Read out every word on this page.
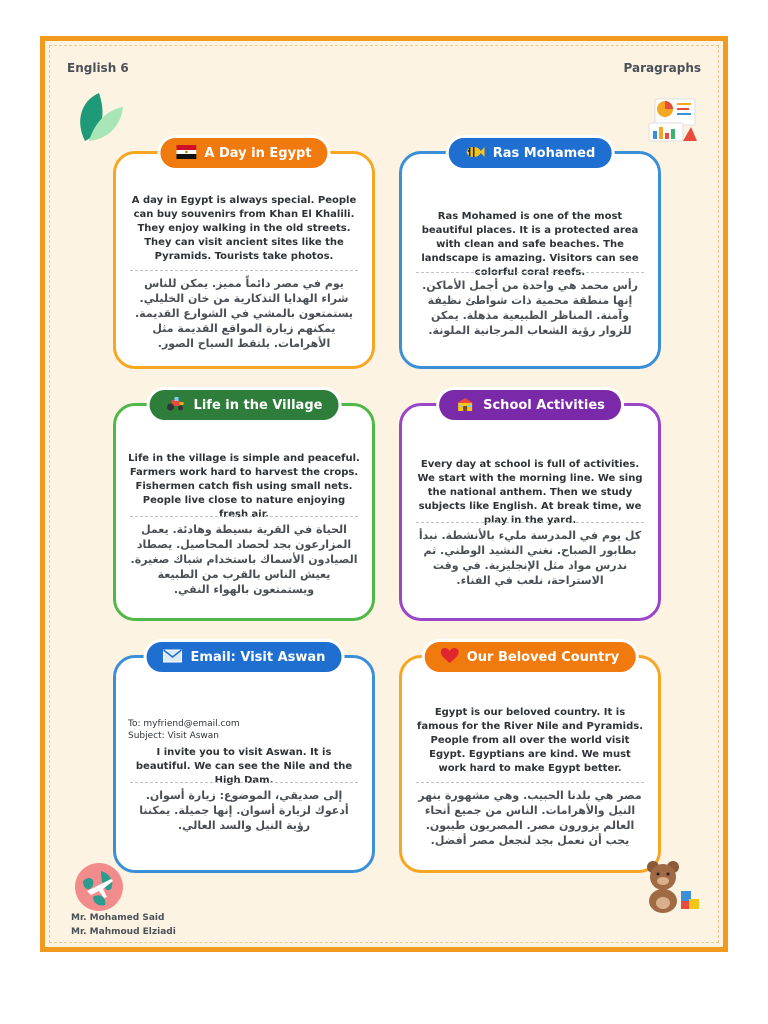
English 6	Paragraphs
A Day in Egypt
A day in Egypt is always special. People can buy souvenirs from Khan El Khalili. They enjoy walking in the old streets. They can visit ancient sites like the Pyramids. Tourists take photos.
يوم في مصر دائماً مميز. يمكن للناس شراء الهدايا التذكارية من خان الخليلي. يستمتعون بالمشي في الشوارع القديمة. يمكنهم زيارة المواقع القديمة مثل الأهرامات. يلتقط السياح الصور.
Ras Mohamed
Ras Mohamed is one of the most beautiful places. It is a protected area with clean and safe beaches. The landscape is amazing. Visitors can see colorful coral reefs.
رأس محمد هي واحدة من أجمل الأماكن. إنها منطقة محمية ذات شواطئ نظيفة وآمنة. المناظر الطبيعية مذهلة. يمكن للزوار رؤية الشعاب المرجانية الملونة.
Life in the Village
Life in the village is simple and peaceful. Farmers work hard to harvest the crops. Fishermen catch fish using small nets. People live close to nature enjoying fresh air.
الحياة في القرية بسيطة وهادئة. يعمل المزارعون بجد لحصاد المحاصيل. يصطاد الصيادون الأسماك باستخدام شباك صغيرة. يعيش الناس بالقرب من الطبيعة ويستمتعون بالهواء النقي.
School Activities
Every day at school is full of activities. We start with the morning line. We sing the national anthem. Then we study subjects like English. At break time, we play in the yard.
كل يوم في المدرسة مليء بالأنشطة. نبدأ بطابور الصباح. نغني النشيد الوطني. ثم ندرس مواد مثل الإنجليزية. في وقت الاستراحة، نلعب في الفناء.
Email: Visit Aswan
To: myfriend@email.com
Subject: Visit Aswan
I invite you to visit Aswan. It is beautiful. We can see the Nile and the High Dam.
إلى صديقي، الموضوع: زيارة أسوان. أدعوك لزيارة أسوان. إنها جميلة. يمكننا رؤية النيل والسد العالي.
Our Beloved Country
Egypt is our beloved country. It is famous for the River Nile and Pyramids. People from all over the world visit Egypt. Egyptians are kind. We must work hard to make Egypt better.
مصر هي بلدنا الحبيب. وهي مشهورة بنهر النيل والأهرامات. الناس من جميع أنحاء العالم يزورون مصر. المصريون طيبون. يجب أن نعمل بجد لنجعل مصر أفضل.
Mr. Mohamed Said
Mr. Mahmoud Elziadi
